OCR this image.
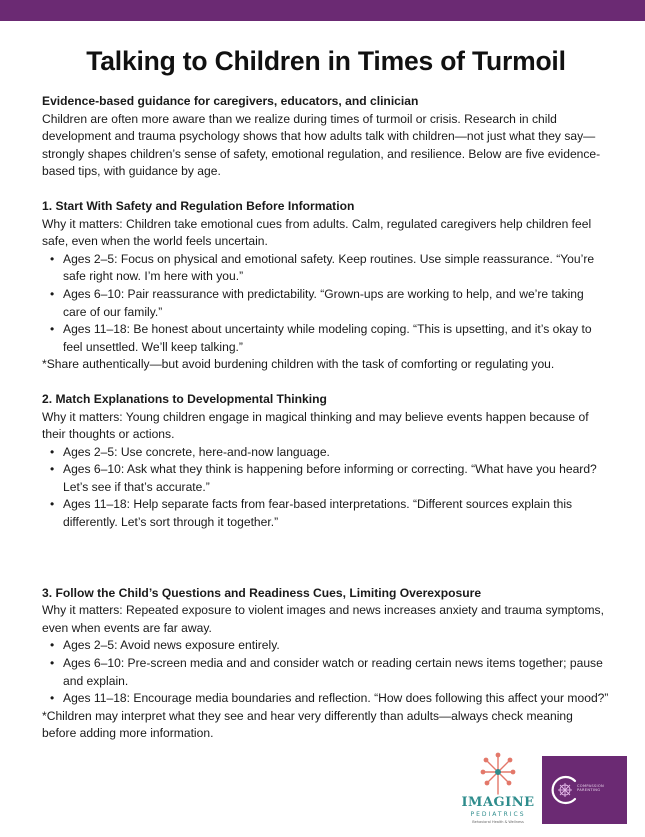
Talking to Children in Times of Turmoil

Evidence-based guidance for caregivers, educators, and clinician

Children are often more aware than we realize during times of turmoil or crisis. Research in child development and trauma psychology shows that how adults talk with children—not just what they say—strongly shapes children’s sense of safety, emotional regulation, and resilience. Below are five evidence-based tips, with guidance by age.

1. Start With Safety and Regulation Before Information

Why it matters: Children take emotional cues from adults. Calm, regulated caregivers help children feel safe, even when the world feels uncertain.

• Ages 2–5: Focus on physical and emotional safety. Keep routines. Use simple reassurance. “You’re safe right now. I’m here with you.”
• Ages 6–10: Pair reassurance with predictability. “Grown-ups are working to help, and we’re taking care of our family.”
• Ages 11–18: Be honest about uncertainty while modeling coping. “This is upsetting, and it’s okay to feel unsettled. We’ll keep talking.”

*Share authentically—but avoid burdening children with the task of comforting or regulating you.

2. Match Explanations to Developmental Thinking

Why it matters: Young children engage in magical thinking and may believe events happen because of their thoughts or actions.

• Ages 2–5: Use concrete, here-and-now language.
• Ages 6–10: Ask what they think is happening before informing or correcting. “What have you heard? Let’s see if that’s accurate.”
• Ages 11–18: Help separate facts from fear-based interpretations. “Different sources explain this differently. Let’s sort through it together.”

3. Follow the Child’s Questions and Readiness Cues, Limiting Overexposure

Why it matters: Repeated exposure to violent images and news increases anxiety and trauma symptoms, even when events are far away.

• Ages 2–5: Avoid news exposure entirely.
• Ages 6–10: Pre-screen media and and consider watch or reading certain news items together; pause and explain.
• Ages 11–18: Encourage media boundaries and reflection. “How does following this affect your mood?”

*Children may interpret what they see and hear very differently than adults—always check meaning before adding more information.

IMAGINE
PEDIATRICS
Behavioral Health & Wellness
COMPASSION PARENTING
